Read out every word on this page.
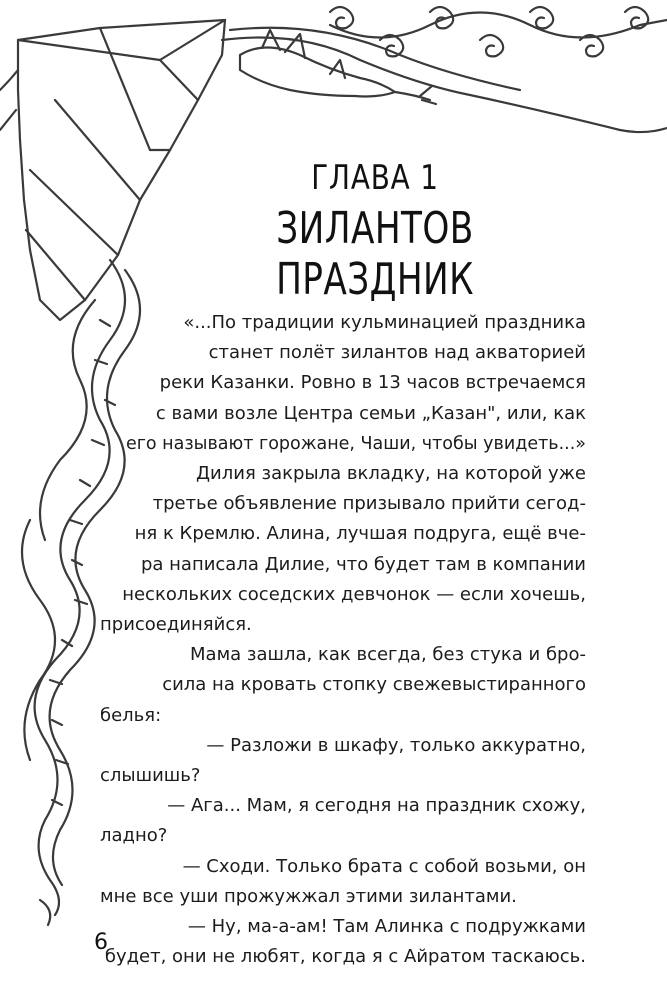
ГЛАВА 1
ЗИЛАНТОВ ПРАЗДНИК
«...По традиции кульминацией праздника
станет полёт зилантов над акваторией
реки Казанки. Ровно в 13 часов встречаемся
с вами возле Центра семьи „Казан", или, как
его называют горожане, Чаши, чтобы увидеть...»
Дилия закрыла вкладку, на которой уже
третье объявление призывало прийти сегод-
ня к Кремлю. Алина, лучшая подруга, ещё вче-
ра написала Дилие, что будет там в компании
нескольких соседских девчонок — если хочешь,
присоединяйся.
Мама зашла, как всегда, без стука и бро-
сила на кровать стопку свежевыстиранного
белья:
— Разложи в шкафу, только аккуратно,
слышишь?
— Ага... Мам, я сегодня на праздник схожу,
ладно?
— Сходи. Только брата с собой возьми, он
мне все уши прожужжал этими зилантами.
— Ну, ма-а-ам! Там Алинка с подружками
будет, они не любят, когда я с Айратом таскаюсь.
6
